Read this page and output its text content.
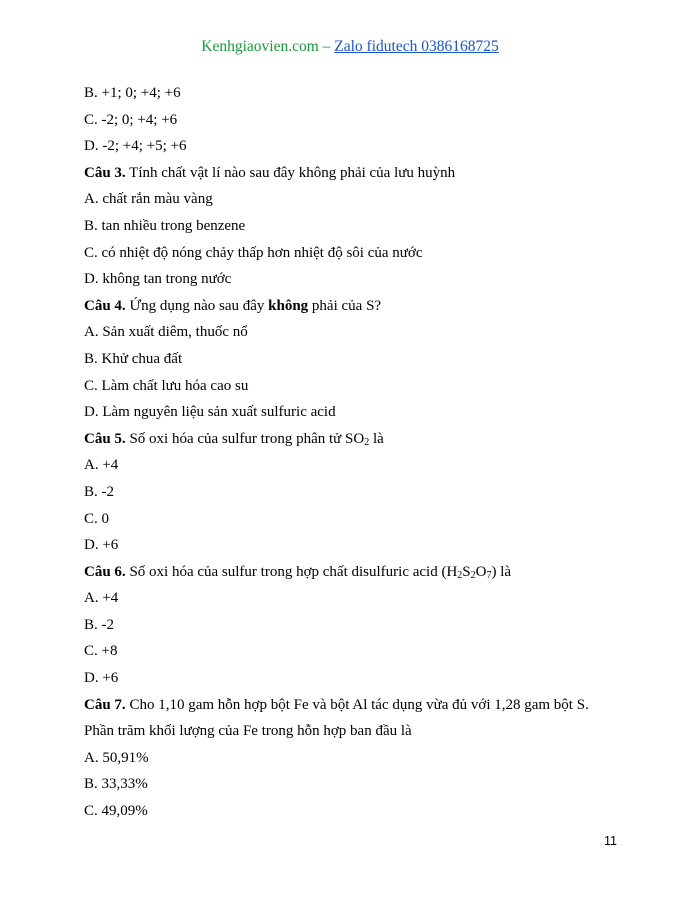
Kenhgiaovien.com – Zalo fidutech 0386168725
B. +1; 0; +4; +6
C. -2; 0; +4; +6
D. -2; +4; +5; +6
Câu 3. Tính chất vật lí nào sau đây không phải của lưu huỳnh
A. chất rắn màu vàng
B. tan nhiều trong benzene
C. có nhiệt độ nóng chảy thấp hơn nhiệt độ sôi của nước
D. không tan trong nước
Câu 4. Ứng dụng nào sau đây không phải của S?
A. Sản xuất diêm, thuốc nổ
B. Khử chua đất
C. Làm chất lưu hóa cao su
D. Làm nguyên liệu sản xuất sulfuric acid
Câu 5. Số oxi hóa của sulfur trong phân tử $SO_2$ là
A. +4
B. -2
C. 0
D. +6
Câu 6. Số oxi hóa của sulfur trong hợp chất disulfuric acid $(H_2S_2O_7)$ là
A. +4
B. -2
C. +8
D. +6
Câu 7. Cho 1,10 gam hỗn hợp bột Fe và bột Al tác dụng vừa đủ với 1,28 gam bột S.
Phần trăm khối lượng của Fe trong hỗn hợp ban đầu là
A. 50,91%
B. 33,33%
C. 49,09%
11
